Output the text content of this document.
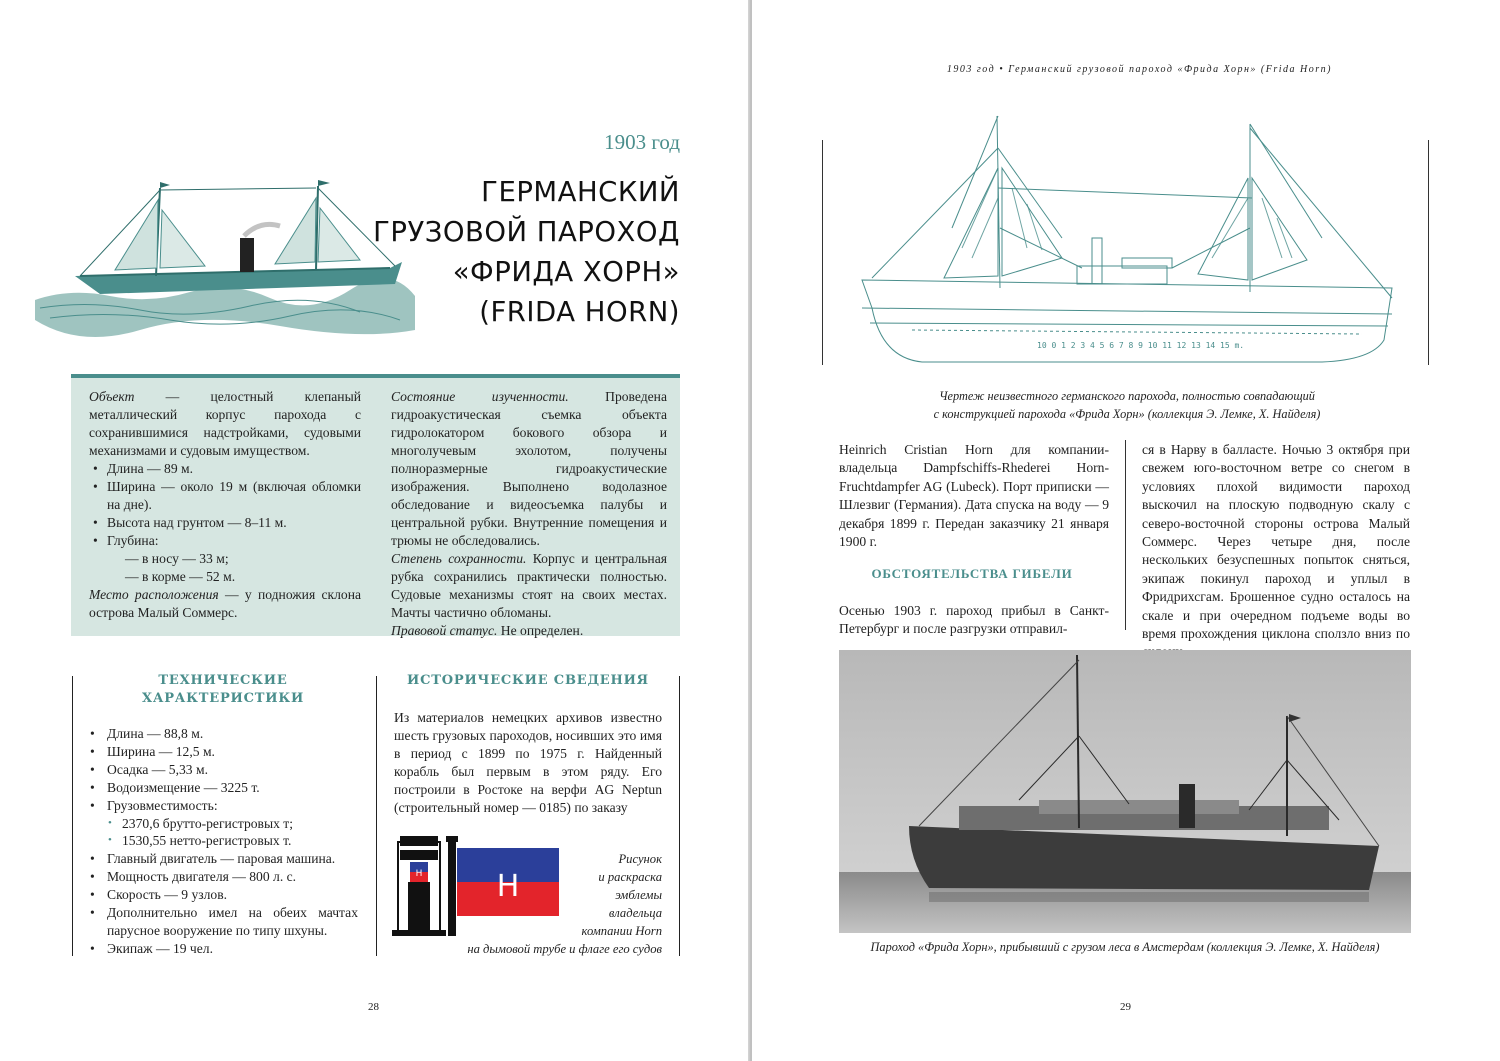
1903 год
ГЕРМАНСКИЙ
ГРУЗОВОЙ ПАРОХОД
«ФРИДА ХОРН»
(FRIDA HORN)

Объект — целостный клепаный металлический корпус парохода с сохранившимися надстройками, судовыми механизмами и судовым имуществом.

• Длина — 89 м.
• Ширина — около 19 м (включая обломки на дне).
• Высота над грунтом — 8–11 м.
• Глубина:

— в носу — 33 м;

— в корме — 52 м.

Место расположения — у подножия склона острова Малый Соммерс.

Состояние изученности. Проведена гидроакустическая съемка объекта гидролокатором бокового обзора и многолучевым эхолотом, получены полноразмерные гидроакустические изображения. Выполнено водолазное обследование и видеосъемка палубы и центральной рубки. Внутренние помещения и трюмы не обследовались.

Степень сохранности. Корпус и центральная рубка сохранились практически полностью. Судовые механизмы стоят на своих местах. Мачты частично обломаны.

Правовой статус. Не определен.

ТЕХНИЧЕСКИЕ
ХАРАКТЕРИСТИКИ
• Длина — 88,8 м.
• Ширина — 12,5 м.
• Осадка — 5,33 м.
• Водоизмещение — 3225 т.
• Грузовместимость:
• 2370,6 брутто-регистровых т;
• 1530,55 нетто-регистровых т.
• Главный двигатель — паровая машина.
• Мощность двигателя — 800 л. с.
• Скорость — 9 узлов.
• Дополнительно имел на обеих мачтах парусное вооружение по типу шхуны.
• Экипаж — 19 чел.
ИСТОРИЧЕСКИЕ СВЕДЕНИЯ

Из материалов немецких архивов известно шесть грузовых пароходов, носивших это имя в период с 1899 по 1975 г. Найденный корабль был первым в этом ряду. Его построили в Ростоке на верфи AG Neptun (строительный номер — 0185) по заказу

H H
Рисунок
и раскраска
эмблемы
владельца
компании Horn
на дымовой трубе и флаге его судов
28
1903 год • Германский грузовой пароход «Фрида Хорн» (Frida Horn)
10 0 1 2 3 4 5 6 7 8 9 10 11 12 13 14 15 m.
Чертеж неизвестного германского парохода, полностью совпадающий
с конструкцией парохода «Фрида Хорн» (коллекция Э. Лемке, Х. Найделя)

Heinrich Cristian Horn для компании-владельца Dampfschiffs-Rhederei Horn-Fruchtdampfer AG (Lubeck). Порт приписки — Шлезвиг (Германия). Дата спуска на воду — 9 декабря 1899 г. Передан заказчику 21 января 1900 г.

ОБСТОЯТЕЛЬСТВА ГИБЕЛИ

Осенью 1903 г. пароход прибыл в Санкт-Петербург и после разгрузки отправил-

ся в Нарву в балласте. Ночью 3 октября при свежем юго-восточном ветре со снегом в условиях плохой видимости пароход выскочил на плоскую подводную скалу с северо-восточной стороны острова Малый Соммерс. Через четыре дня, после нескольких безуспешных попыток сняться, экипаж покинул пароход и уплыл в Фридрихсгам. Брошенное судно осталось на скале и при очередном подъеме воды во время прохождения циклона сползло вниз по

Пароход «Фрида Хорн», прибывший с грузом леса в Амстердам (коллекция Э. Лемке, Х. Найделя)
29
